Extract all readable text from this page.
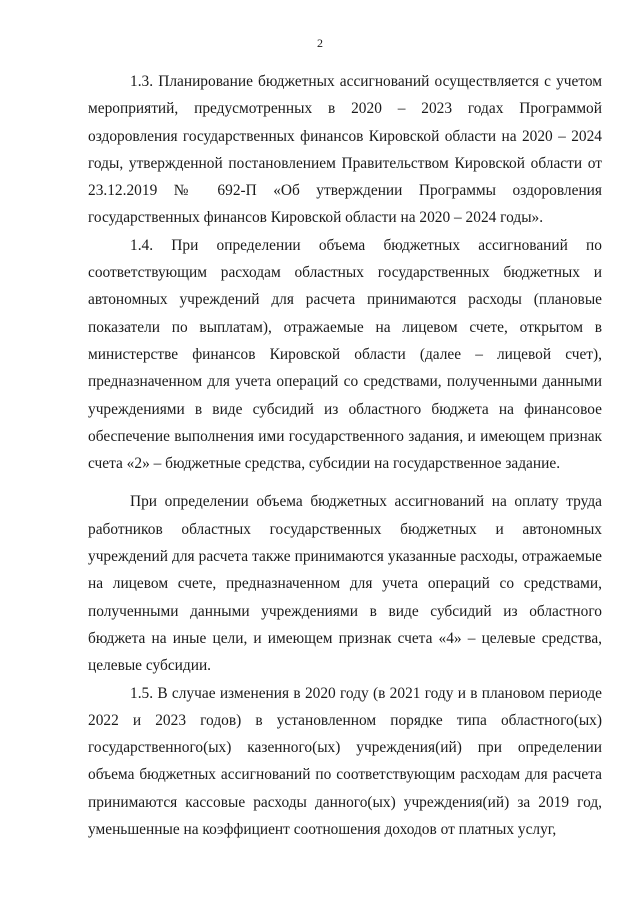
2

1.3. Планирование бюджетных ассигнований осуществляется с учетом мероприятий, предусмотренных в 2020 – 2023 годах Программой оздоровления государственных финансов Кировской области на 2020 – 2024 годы, утвержденной постановлением Правительством Кировской области от 23.12.2019 № 692-П «Об утверждении Программы оздоровления государственных финансов Кировской области на 2020 – 2024 годы».

1.4. При определении объема бюджетных ассигнований по соответствующим расходам областных государственных бюджетных и автономных учреждений для расчета принимаются расходы (плановые показатели по выплатам), отражаемые на лицевом счете, открытом в министерстве финансов Кировской области (далее – лицевой счет), предназначенном для учета операций со средствами, полученными данными учреждениями в виде субсидий из областного бюджета на финансовое обеспечение выполнения ими государственного задания, и имеющем признак счета «2» – бюджетные средства, субсидии на государственное задание.

При определении объема бюджетных ассигнований на оплату труда работников областных государственных бюджетных и автономных учреждений для расчета также принимаются указанные расходы, отражаемые на лицевом счете, предназначенном для учета операций со средствами, полученными данными учреждениями в виде субсидий из областного бюджета на иные цели, и имеющем признак счета «4» – целевые средства, целевые субсидии.

1.5. В случае изменения в 2020 году (в 2021 году и в плановом периоде 2022 и 2023 годов) в установленном порядке типа областного(ых) государственного(ых) казенного(ых) учреждения(ий) при определении объема бюджетных ассигнований по соответствующим расходам для расчета принимаются кассовые расходы данного(ых) учреждения(ий) за 2019 год, уменьшенные на коэффициент соотношения доходов от платных услуг,
